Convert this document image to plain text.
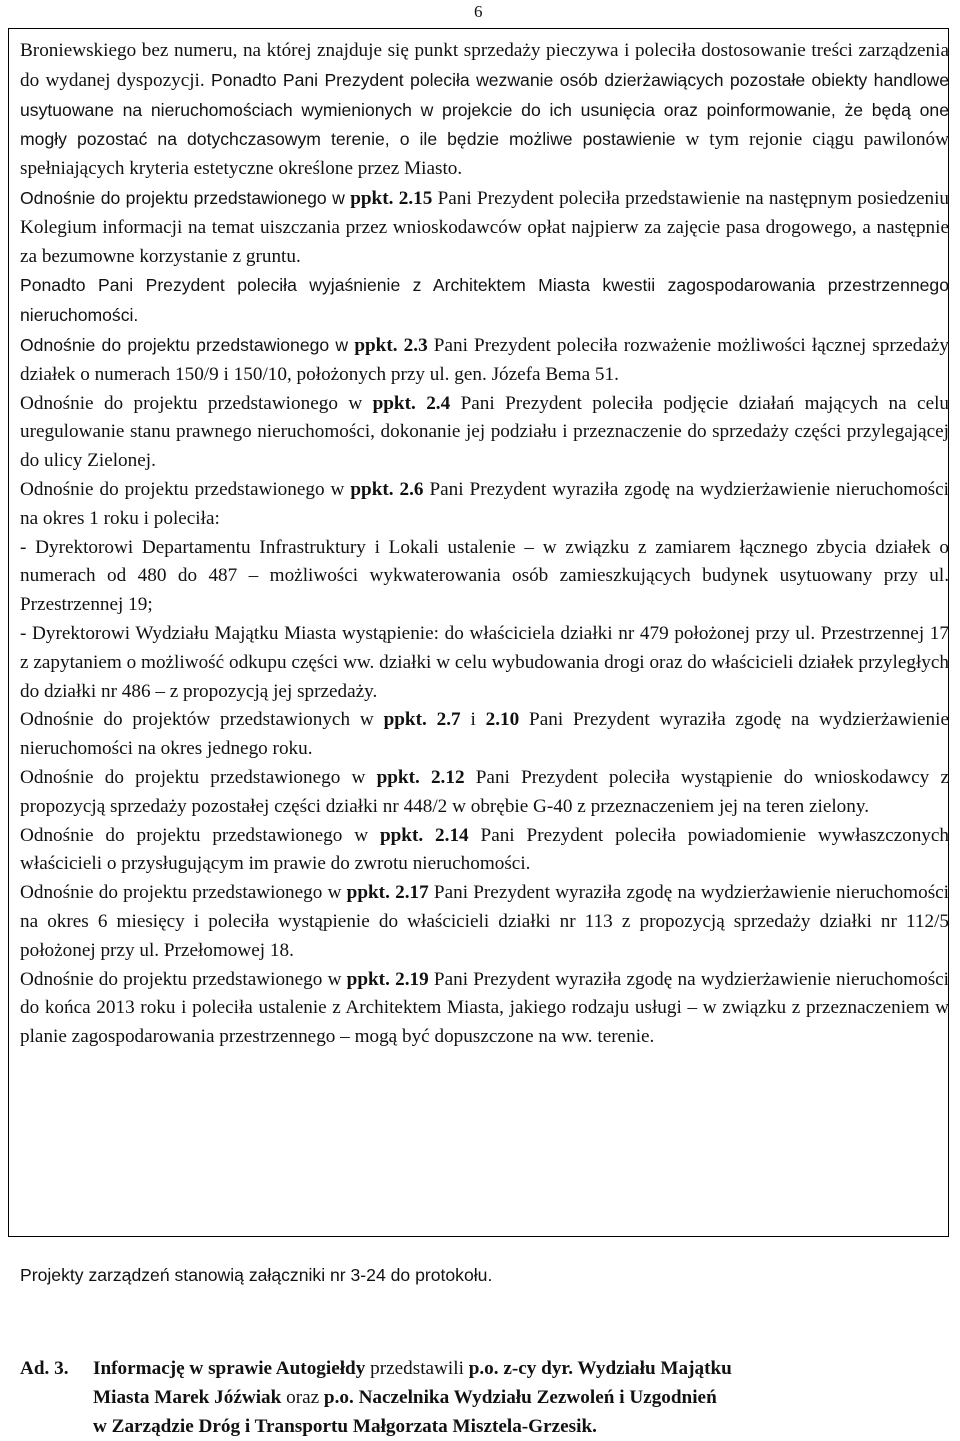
6

Broniewskiego bez numeru, na której znajduje się punkt sprzedaży pieczywa i poleciła dostosowanie treści zarządzenia do wydanej dyspozycji. Ponadto Pani Prezydent poleciła wezwanie osób dzierżawiących pozostałe obiekty handlowe usytuowane na nieruchomościach wymienionych w projekcie do ich usunięcia oraz poinformowanie, że będą one mogły pozostać na dotychczasowym terenie, o ile będzie możliwe postawienie w tym rejonie ciągu pawilonów spełniających kryteria estetyczne określone przez Miasto.

Odnośnie do projektu przedstawionego w ppkt. 2.15 Pani Prezydent poleciła przedstawienie na następnym posiedzeniu Kolegium informacji na temat uiszczania przez wnioskodawców opłat najpierw za zajęcie pasa drogowego, a następnie za bezumowne korzystanie z gruntu.

Ponadto Pani Prezydent poleciła wyjaśnienie z Architektem Miasta kwestii zagospodarowania przestrzennego nieruchomości.

Odnośnie do projektu przedstawionego w ppkt. 2.3 Pani Prezydent poleciła rozważenie możliwości łącznej sprzedaży działek o numerach 150/9 i 150/10, położonych przy ul. gen. Józefa Bema 51.

Odnośnie do projektu przedstawionego w ppkt. 2.4 Pani Prezydent poleciła podjęcie działań mających na celu uregulowanie stanu prawnego nieruchomości, dokonanie jej podziału i przeznaczenie do sprzedaży części przylegającej do ulicy Zielonej.

Odnośnie do projektu przedstawionego w ppkt. 2.6 Pani Prezydent wyraziła zgodę na wydzierżawienie nieruchomości na okres 1 roku i poleciła:

- Dyrektorowi Departamentu Infrastruktury i Lokali ustalenie – w związku z zamiarem łącznego zbycia działek o numerach od 480 do 487 – możliwości wykwaterowania osób zamieszkujących budynek usytuowany przy ul. Przestrzennej 19;

- Dyrektorowi Wydziału Majątku Miasta wystąpienie: do właściciela działki nr 479 położonej przy ul. Przestrzennej 17 z zapytaniem o możliwość odkupu części ww. działki w celu wybudowania drogi oraz do właścicieli działek przyległych do działki nr 486 – z propozycją jej sprzedaży.

Odnośnie do projektów przedstawionych w ppkt. 2.7 i 2.10 Pani Prezydent wyraziła zgodę na wydzierżawienie nieruchomości na okres jednego roku.

Odnośnie do projektu przedstawionego w ppkt. 2.12 Pani Prezydent poleciła wystąpienie do wnioskodawcy z propozycją sprzedaży pozostałej części działki nr 448/2 w obrębie G-40 z przeznaczeniem jej na teren zielony.

Odnośnie do projektu przedstawionego w ppkt. 2.14 Pani Prezydent poleciła powiadomienie wywłaszczonych właścicieli o przysługującym im prawie do zwrotu nieruchomości.

Odnośnie do projektu przedstawionego w ppkt. 2.17 Pani Prezydent wyraziła zgodę na wydzierżawienie nieruchomości na okres 6 miesięcy i poleciła wystąpienie do właścicieli działki nr 113 z propozycją sprzedaży działki nr 112/5 położonej przy ul. Przełomowej 18.

Odnośnie do projektu przedstawionego w ppkt. 2.19 Pani Prezydent wyraziła zgodę na wydzierżawienie nieruchomości do końca 2013 roku i poleciła ustalenie z Architektem Miasta, jakiego rodzaju usługi – w związku z przeznaczeniem w planie zagospodarowania przestrzennego – mogą być dopuszczone na ww. terenie.

Projekty zarządzeń stanowią załączniki nr 3-24 do protokołu.
Ad. 3. Informację w sprawie Autogiełdy przedstawili p.o. z-cy dyr. Wydziału Majątku
Miasta Marek Jóźwiak oraz p.o. Naczelnika Wydziału Zezwoleń i Uzgodnień
w Zarządzie Dróg i Transportu Małgorzata Misztela-Grzesik.
